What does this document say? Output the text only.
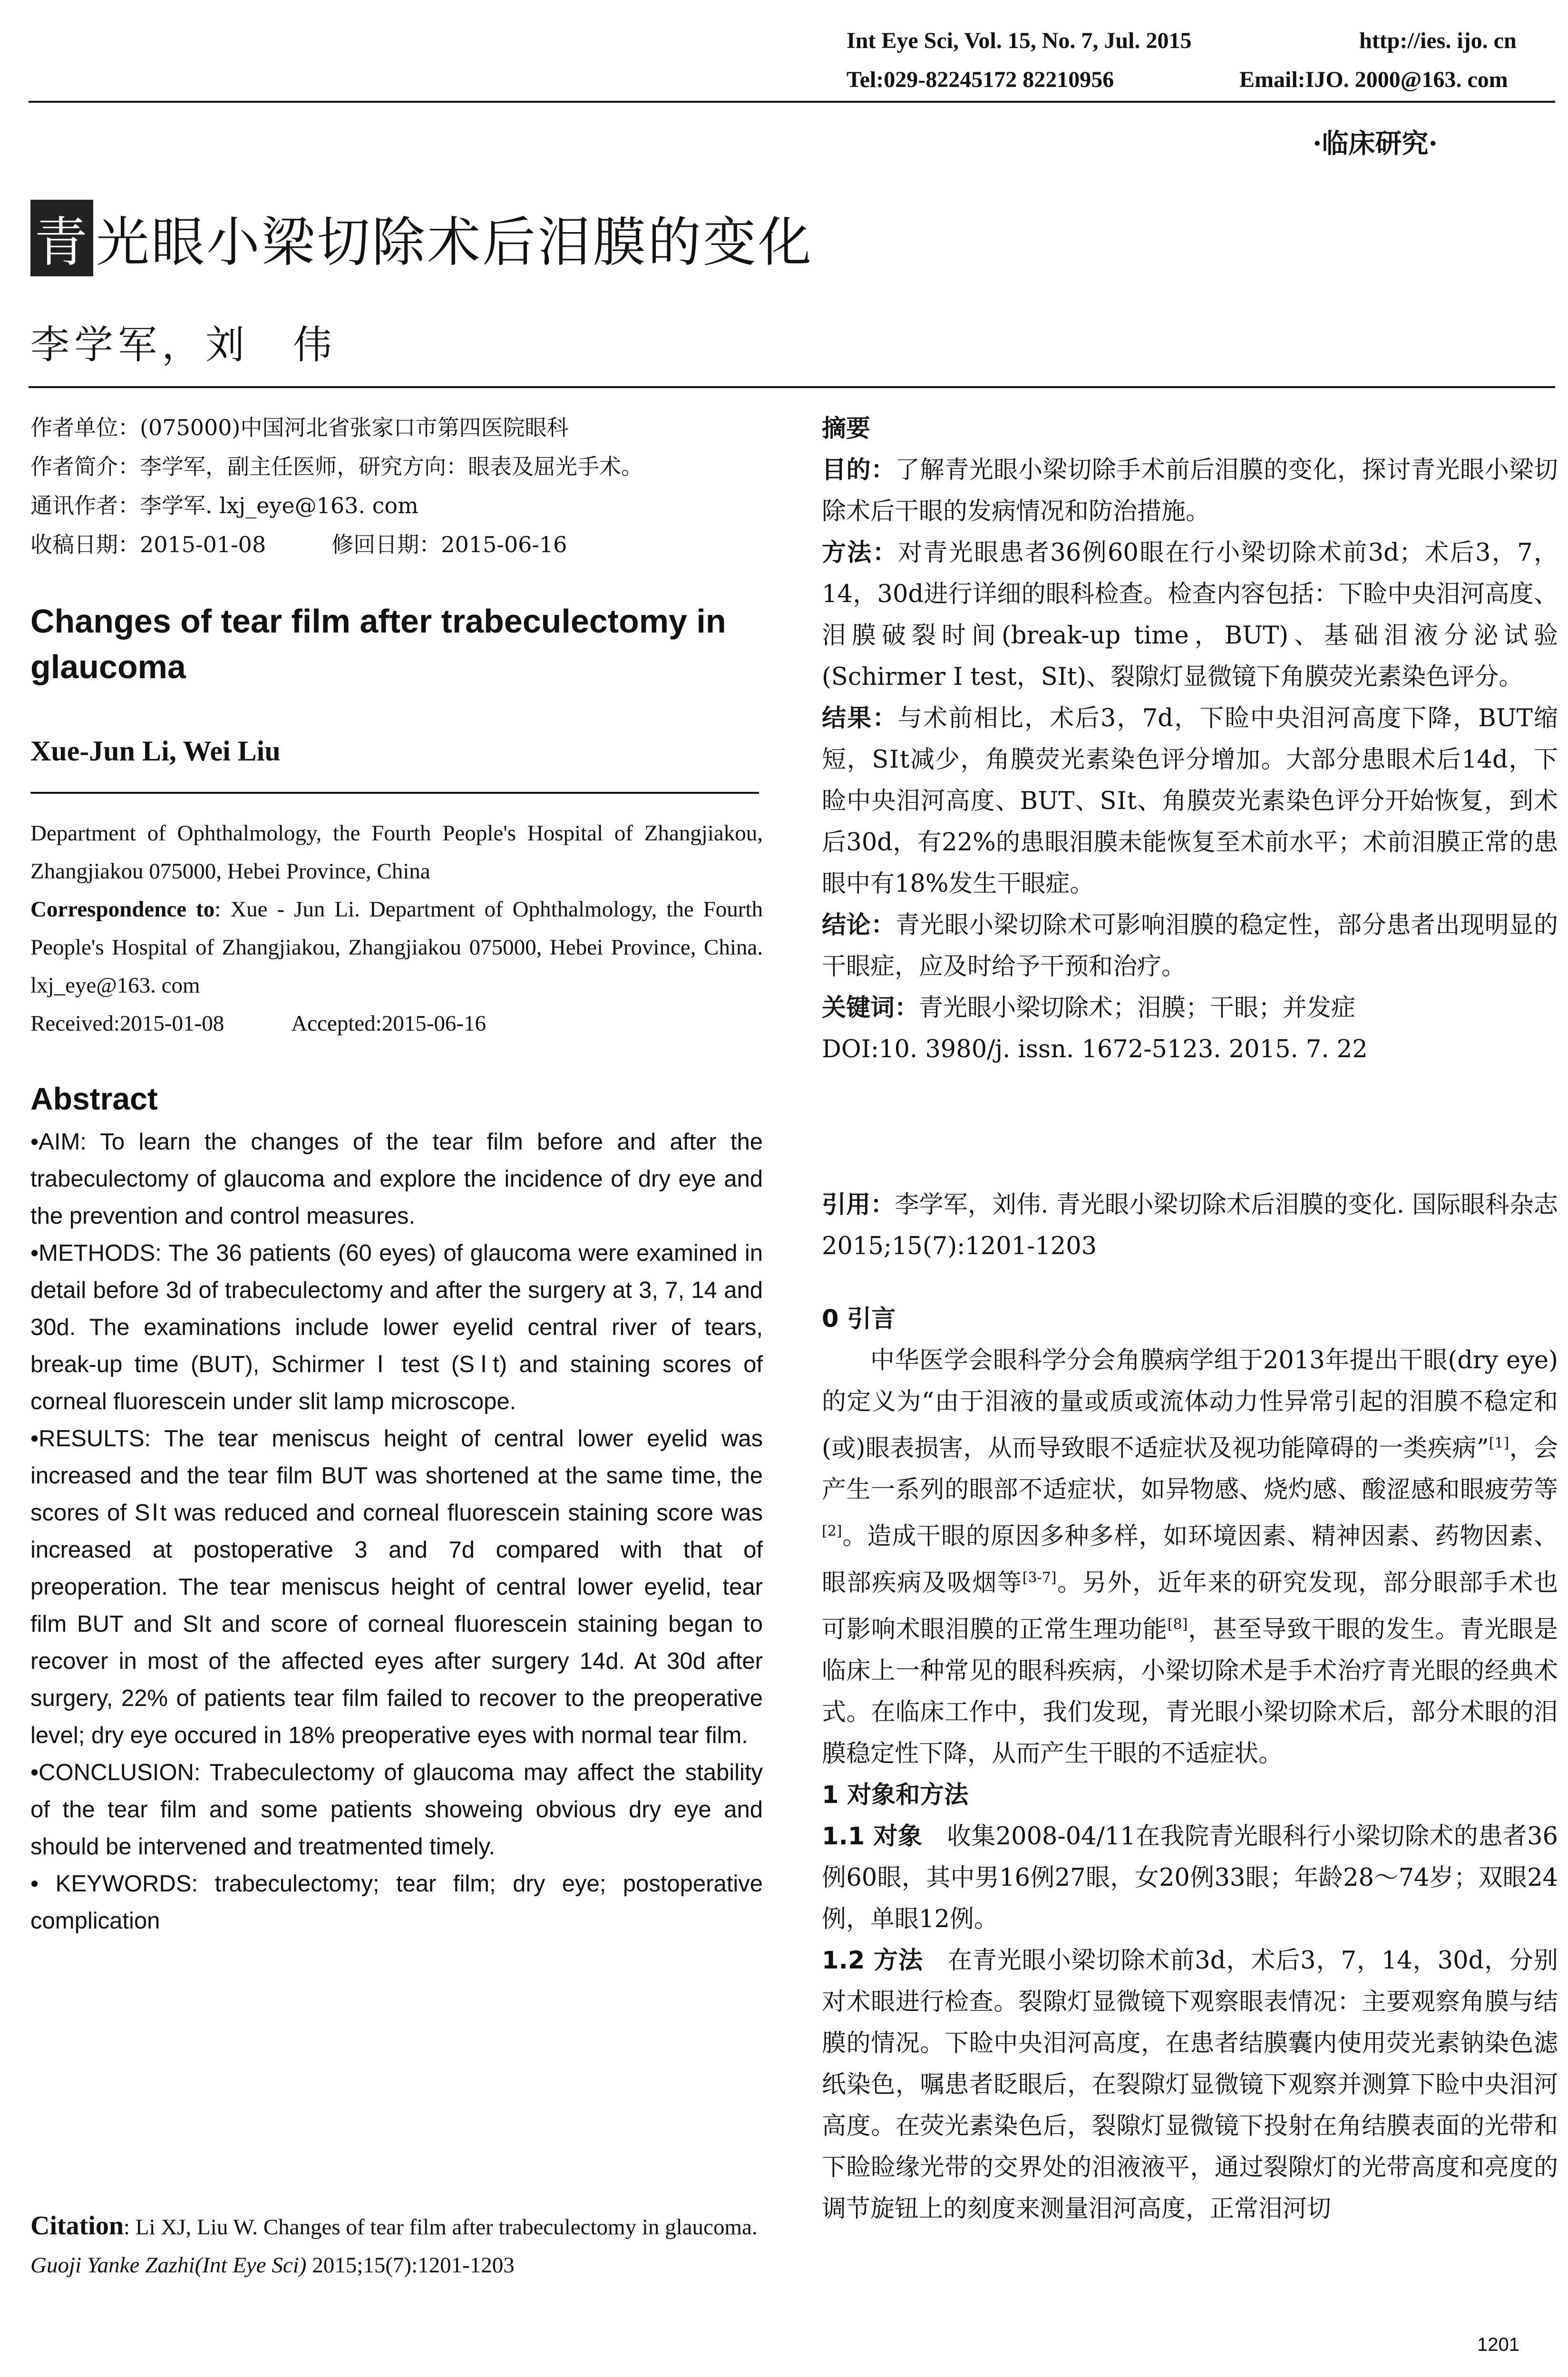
Int Eye Sci, Vol. 15, No. 7, Jul. 2015	http://ies. ijo. cn
Tel:029-82245172 82210956	Email:IJO. 2000@163. com
·临床研究·
青 光眼小梁切除术后泪膜的变化
李学军，刘　伟
作者单位：(075000)中国河北省张家口市第四医院眼科
作者简介：李学军，副主任医师，研究方向：眼表及屈光手术。
通讯作者：李学军. lxj_eye@163. com
收稿日期：2015-01-08　　　修回日期：2015-06-16
Changes of tear film after trabeculectomy in glaucoma
Xue-Jun Li, Wei Liu
Department of Ophthalmology, the Fourth People's Hospital of Zhangjiakou, Zhangjiakou 075000, Hebei Province, China
Correspondence to: Xue - Jun Li. Department of Ophthalmology, the Fourth People's Hospital of Zhangjiakou, Zhangjiakou 075000, Hebei Province, China. lxj_eye@163. com
Received:2015-01-08　　　Accepted:2015-06-16
Abstract

•AIM: To learn the changes of the tear film before and after the trabeculectomy of glaucoma and explore the incidence of dry eye and the prevention and control measures.

•METHODS: The 36 patients (60 eyes) of glaucoma were examined in detail before 3d of trabeculectomy and after the surgery at 3, 7, 14 and 30d. The examinations include lower eyelid central river of tears, break-up time (BUT), Schirmer Ⅰ test (SⅠt) and staining scores of corneal fluorescein under slit lamp microscope.

•RESULTS: The tear meniscus height of central lower eyelid was increased and the tear film BUT was shortened at the same time, the scores of SⅠt was reduced and corneal fluorescein staining score was increased at postoperative 3 and 7d compared with that of preoperation. The tear meniscus height of central lower eyelid, tear film BUT and SIt and score of corneal fluorescein staining began to recover in most of the affected eyes after surgery 14d. At 30d after surgery, 22% of patients tear film failed to recover to the preoperative level; dry eye occured in 18% preoperative eyes with normal tear film.

•CONCLUSION: Trabeculectomy of glaucoma may affect the stability of the tear film and some patients showeing obvious dry eye and should be intervened and treatmented timely.

• KEYWORDS: trabeculectomy; tear film; dry eye; postoperative complication

Citation: Li XJ, Liu W. Changes of tear film after trabeculectomy in glaucoma. Guoji Yanke Zazhi(Int Eye Sci) 2015;15(7):1201-1203

摘要

目的：了解青光眼小梁切除手术前后泪膜的变化，探讨青光眼小梁切除术后干眼的发病情况和防治措施。

方法：对青光眼患者36例60眼在行小梁切除术前3d；术后3，7，14，30d进行详细的眼科检查。检查内容包括：下睑中央泪河高度、泪膜破裂时间(break-up time，BUT)、基础泪液分泌试验(Schirmer Ⅰ test，SⅠt)、裂隙灯显微镜下角膜荧光素染色评分。

结果：与术前相比，术后3，7d，下睑中央泪河高度下降，BUT缩短，SⅠt减少，角膜荧光素染色评分增加。大部分患眼术后14d，下睑中央泪河高度、BUT、SⅠt、角膜荧光素染色评分开始恢复，到术后30d，有22%的患眼泪膜未能恢复至术前水平；术前泪膜正常的患眼中有18%发生干眼症。

结论：青光眼小梁切除术可影响泪膜的稳定性，部分患者出现明显的干眼症，应及时给予干预和治疗。

关键词：青光眼小梁切除术；泪膜；干眼；并发症

DOI:10. 3980/j. issn. 1672-5123. 2015. 7. 22

引用：李学军，刘伟. 青光眼小梁切除术后泪膜的变化. 国际眼科杂志 2015;15(7):1201-1203

0 引言

中华医学会眼科学分会角膜病学组于2013年提出干眼(dry eye)的定义为“由于泪液的量或质或流体动力性异常引起的泪膜不稳定和(或)眼表损害，从而导致眼不适症状及视功能障碍的一类疾病”[1]，会产生一系列的眼部不适症状，如异物感、烧灼感、酸涩感和眼疲劳等[2]。造成干眼的原因多种多样，如环境因素、精神因素、药物因素、眼部疾病及吸烟等[3-7]。另外，近年来的研究发现，部分眼部手术也可影响术眼泪膜的正常生理功能[8]，甚至导致干眼的发生。青光眼是临床上一种常见的眼科疾病，小梁切除术是手术治疗青光眼的经典术式。在临床工作中，我们发现，青光眼小梁切除术后，部分术眼的泪膜稳定性下降，从而产生干眼的不适症状。

1 对象和方法

1.1 对象　收集2008-04/11在我院青光眼科行小梁切除术的患者36例60眼，其中男16例27眼，女20例33眼；年龄28～74岁；双眼24例，单眼12例。

1.2 方法　在青光眼小梁切除术前3d，术后3，7，14，30d，分别对术眼进行检查。裂隙灯显微镜下观察眼表情况：主要观察角膜与结膜的情况。下睑中央泪河高度，在患者结膜囊内使用荧光素钠染色滤纸染色，嘱患者眨眼后，在裂隙灯显微镜下观察并测算下睑中央泪河高度。在荧光素染色后，裂隙灯显微镜下投射在角结膜表面的光带和下睑睑缘光带的交界处的泪液液平，通过裂隙灯的光带高度和亮度的调节旋钮上的刻度来测量泪河高度，正常泪河切

1201
